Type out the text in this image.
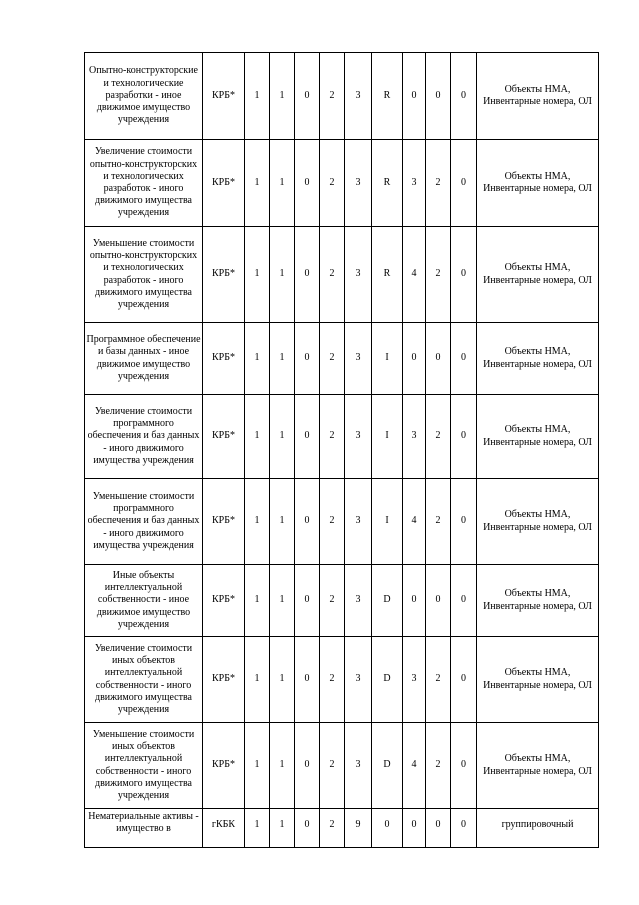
Опытно-конструкторские и технологические разработки - иное движимое имущество учреждения	КРБ*	1	1	0	2	3	R	0	0	0	Объекты НМА, Инвентарные номера, ОЛ
Увеличение стоимости опытно-конструкторских и технологических разработок - иного движимого имущества учреждения	КРБ*	1	1	0	2	3	R	3	2	0	Объекты НМА, Инвентарные номера, ОЛ
Уменьшение стоимости опытно-конструкторских и технологических разработок - иного движимого имущества учреждения	КРБ*	1	1	0	2	3	R	4	2	0	Объекты НМА, Инвентарные номера, ОЛ
Программное обеспечение и базы данных - иное движимое имущество учреждения	КРБ*	1	1	0	2	3	I	0	0	0	Объекты НМА, Инвентарные номера, ОЛ
Увеличение стоимости программного обеспечения и баз данных - иного движимого имущества учреждения	КРБ*	1	1	0	2	3	I	3	2	0	Объекты НМА, Инвентарные номера, ОЛ
Уменьшение стоимости программного обеспечения и баз данных - иного движимого имущества учреждения	КРБ*	1	1	0	2	3	I	4	2	0	Объекты НМА, Инвентарные номера, ОЛ
Иные объекты интеллектуальной собственности - иное движимое имущество учреждения	КРБ*	1	1	0	2	3	D	0	0	0	Объекты НМА, Инвентарные номера, ОЛ
Увеличение стоимости иных объектов интеллектуальной собственности - иного движимого имущества учреждения	КРБ*	1	1	0	2	3	D	3	2	0	Объекты НМА, Инвентарные номера, ОЛ
Уменьшение стоимости иных объектов интеллектуальной собственности - иного движимого имущества учреждения	КРБ*	1	1	0	2	3	D	4	2	0	Объекты НМА, Инвентарные номера, ОЛ
Нематериальные активы - имущество в	гКБК	1	1	0	2	9	0	0	0	0	группировочный
